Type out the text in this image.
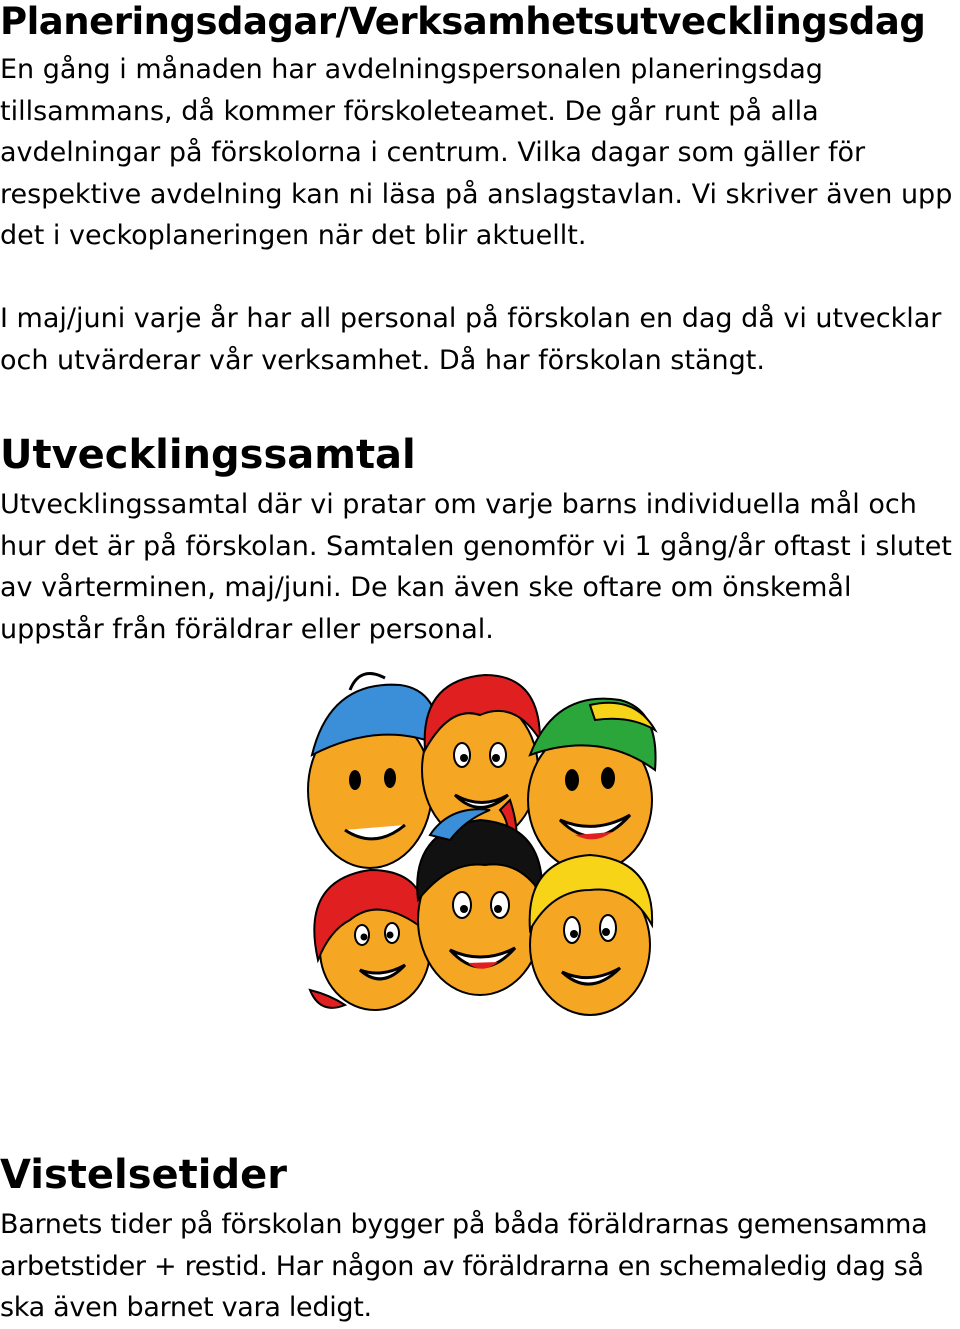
Planeringsdagar/Verksamhetsutvecklingsdag

En gång i månaden har avdelningspersonalen planeringsdag tillsammans, då kommer förskoleteamet. De går runt på alla avdelningar på förskolorna i centrum. Vilka dagar som gäller för respektive avdelning kan ni läsa på anslagstavlan. Vi skriver även upp det i veckoplaneringen när det blir aktuellt.

I maj/juni varje år har all personal på förskolan en dag då vi utvecklar och utvärderar vår verksamhet. Då har förskolan stängt.

Utvecklingssamtal

Utvecklingssamtal där vi pratar om varje barns individuella mål och hur det är på förskolan. Samtalen genomför vi 1 gång/år oftast i slutet av vårterminen, maj/juni. De kan även ske oftare om önskemål uppstår från föräldrar eller personal.

Vistelsetider

Barnets tider på förskolan bygger på båda föräldrarnas gemensamma arbetstider + restid. Har någon av föräldrarna en schemaledig dag så ska även barnet vara ledigt.
